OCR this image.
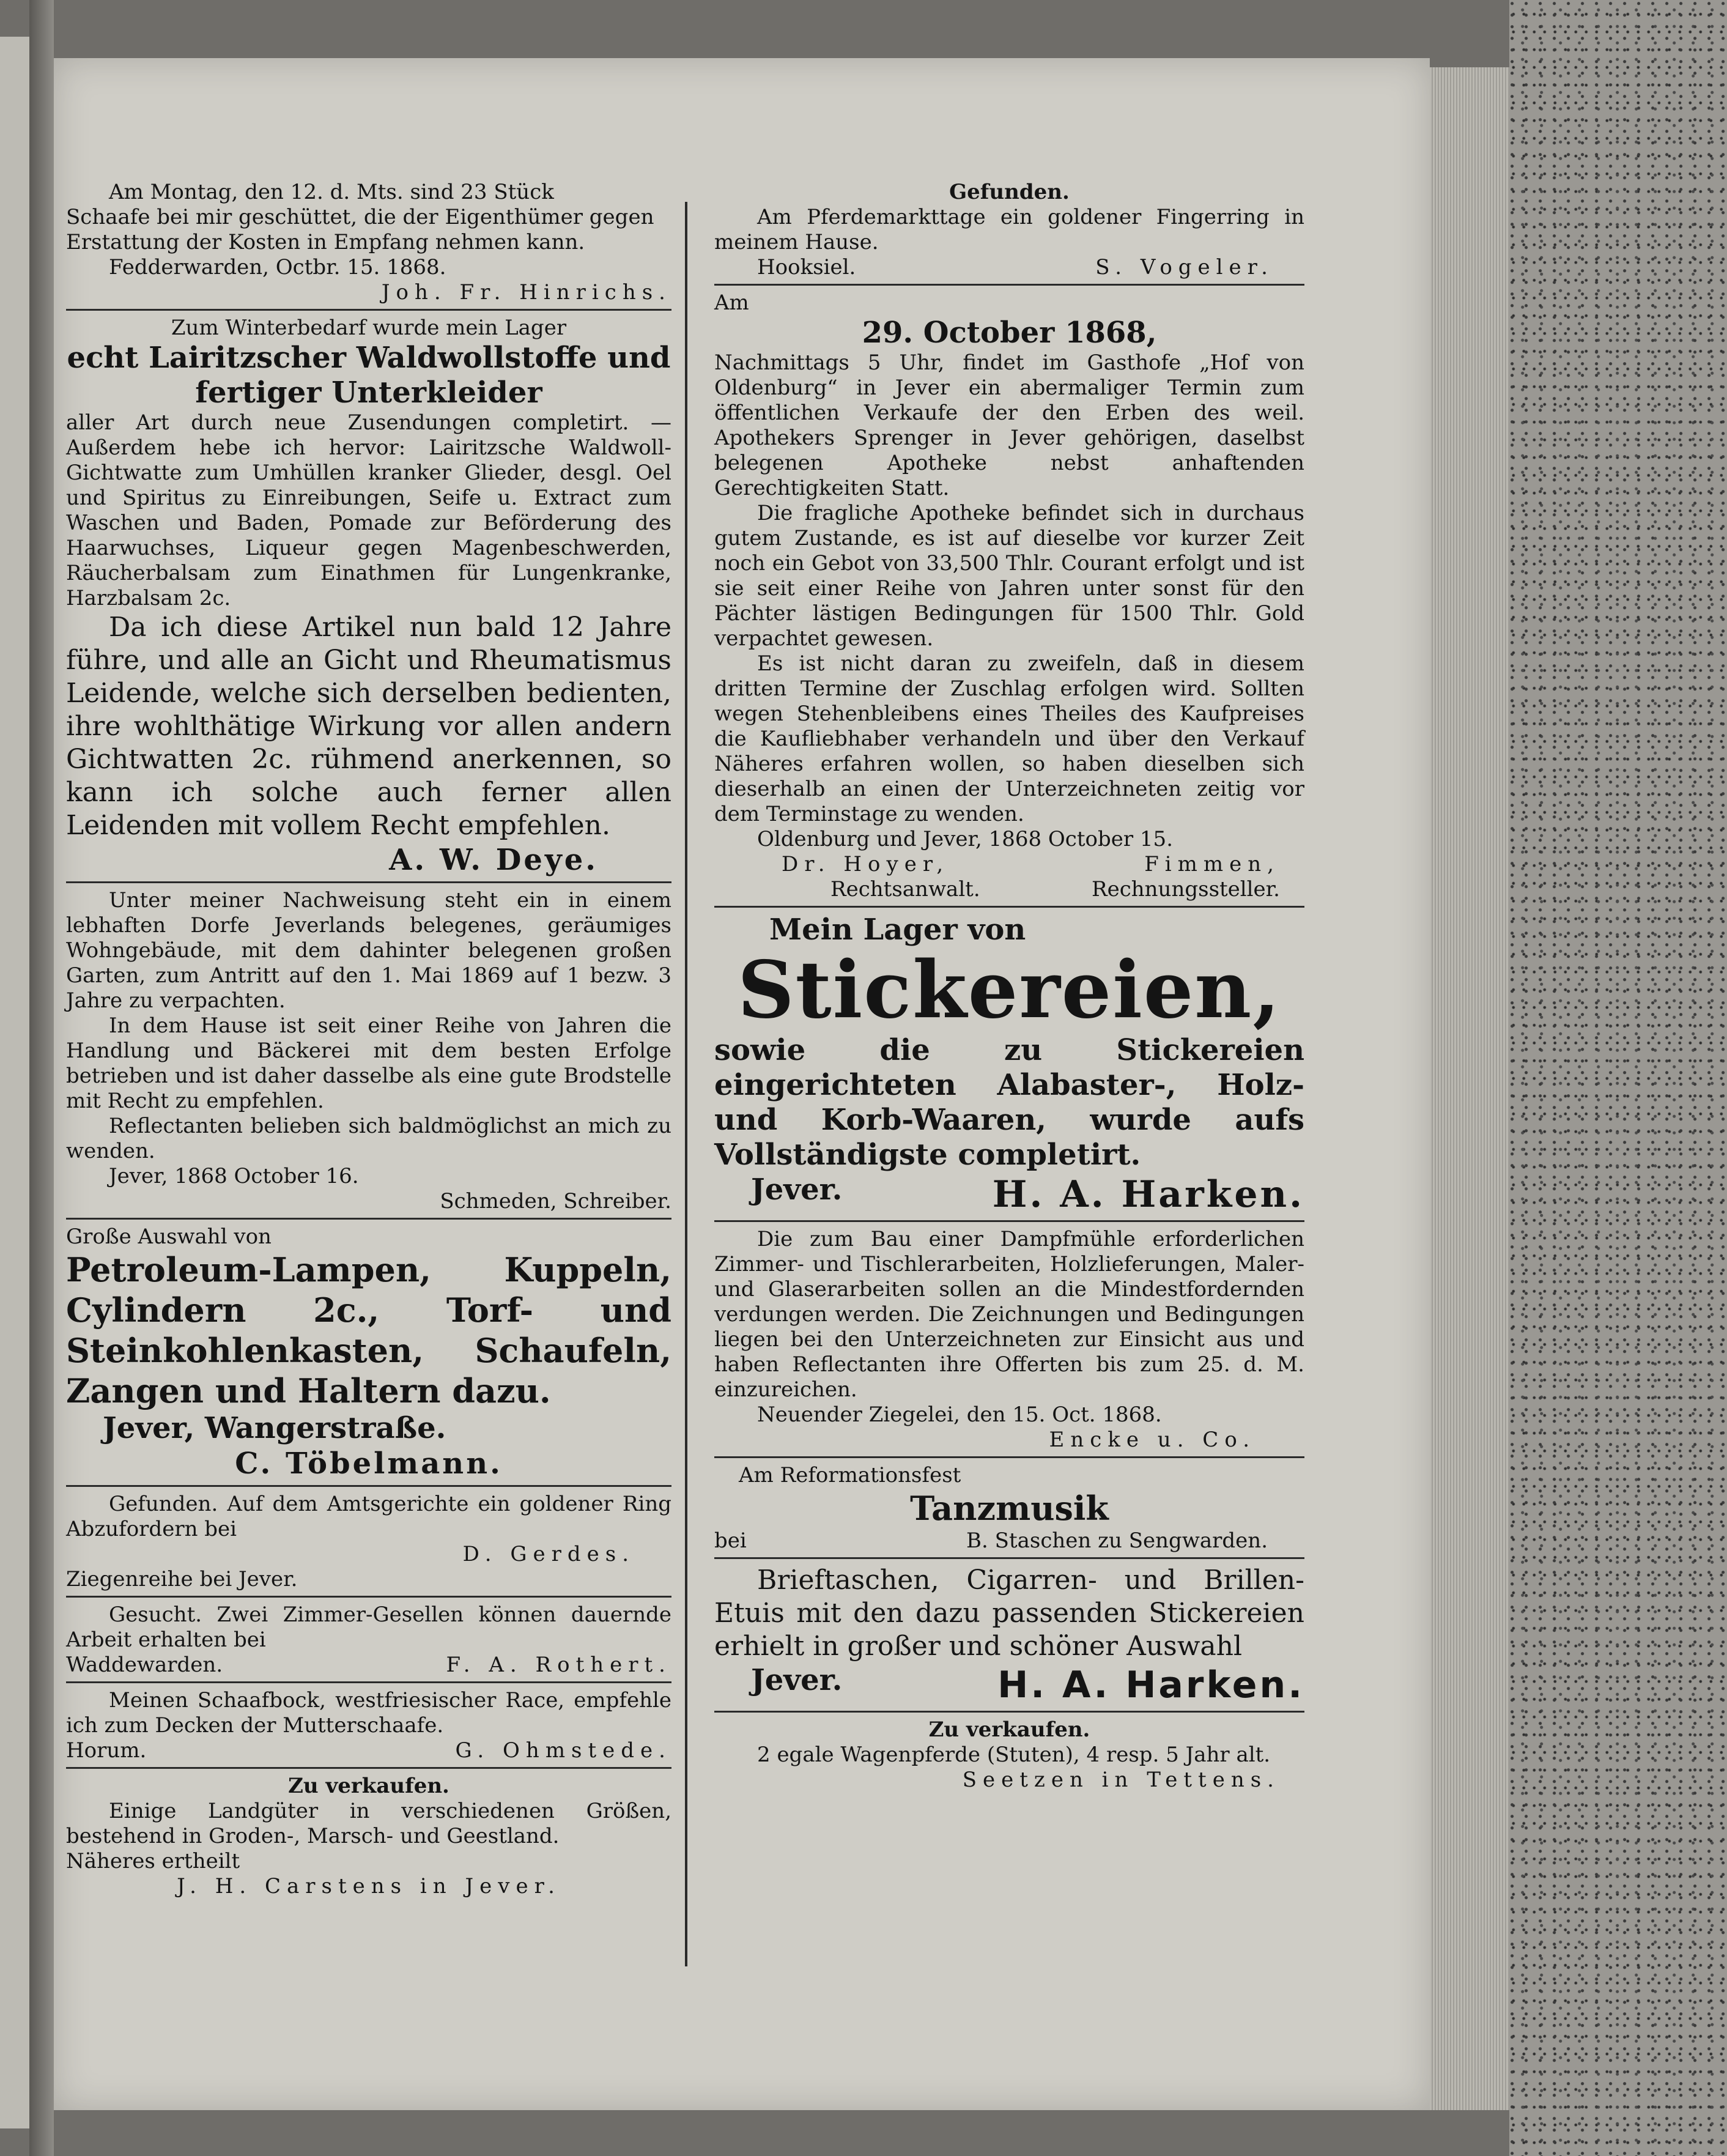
Am Montag, den 12. d. Mts. sind 23 Stück

Schaafe bei mir geschüttet, die der Eigenthümer gegen

Erstattung der Kosten in Empfang nehmen kann.

Fedderwarden, Octbr. 15. 1868.

Joh. Fr. Hinrichs.

Zum Winterbedarf wurde mein Lager

echt Lairitzscher Waldwollstoffe und fertiger Unterkleider

aller Art durch neue Zusendungen completirt. — Außerdem hebe ich hervor: Lairitzsche Waldwoll-Gichtwatte zum Umhüllen kranker Glieder, desgl. Oel und Spiritus zu Einreibungen, Seife u. Extract zum Waschen und Baden, Pomade zur Beförderung des Haarwuchses, Liqueur gegen Magenbeschwerden, Räucherbalsam zum Einathmen für Lungenkranke, Harzbalsam 2c.

Da ich diese Artikel nun bald 12 Jahre führe, und alle an Gicht und Rheumatismus Leidende, welche sich derselben bedienten, ihre wohlthätige Wirkung vor allen andern Gichtwatten 2c. rühmend anerkennen, so kann ich solche auch ferner allen Leidenden mit vollem Recht empfehlen.

A. W. Deye.

Unter meiner Nachweisung steht ein in einem lebhaften Dorfe Jeverlands belegenes, geräumiges Wohngebäude, mit dem dahinter belegenen großen Garten, zum Antritt auf den 1. Mai 1869 auf 1 bezw. 3 Jahre zu verpachten.

In dem Hause ist seit einer Reihe von Jahren die Handlung und Bäckerei mit dem besten Erfolge betrieben und ist daher dasselbe als eine gute Brodstelle mit Recht zu empfehlen.

Reflectanten belieben sich baldmöglichst an mich zu wenden.

Jever, 1868 October 16.

Schmeden, Schreiber.

Große Auswahl von

Petroleum-Lampen, Kuppeln, Cylindern 2c., Torf- und Steinkohlenkasten, Schaufeln, Zangen und Haltern dazu.

Jever, Wangerstraße.

C. Töbelmann.

Gefunden. Auf dem Amtsgerichte ein goldener Ring Abzufordern bei

D. Gerdes.

Ziegenreihe bei Jever.

Gesucht. Zwei Zimmer-Gesellen können dauernde Arbeit erhalten bei

Waddewarden.	F. A. Rothert.

Meinen Schaafbock, westfriesischer Race, empfehle ich zum Decken der Mutterschaafe.

Horum.	G. Ohmstede.

Zu verkaufen.

Einige Landgüter in verschiedenen Größen, bestehend in Groden-, Marsch- und Geestland.

Näheres ertheilt

J. H. Carstens in Jever.

Gefunden.

Am Pferdemarkttage ein goldener Fingerring in meinem Hause.

Hooksiel.	S. Vogeler.

Am

29. October 1868,

Nachmittags 5 Uhr, findet im Gasthofe „Hof von Oldenburg“ in Jever ein abermaliger Termin zum öffentlichen Verkaufe der den Erben des weil. Apothekers Sprenger in Jever gehörigen, daselbst belegenen Apotheke nebst anhaftenden Gerechtigkeiten Statt.

Die fragliche Apotheke befindet sich in durchaus gutem Zustande, es ist auf dieselbe vor kurzer Zeit noch ein Gebot von 33,500 Thlr. Courant erfolgt und ist sie seit einer Reihe von Jahren unter sonst für den Pächter lästigen Bedingungen für 1500 Thlr. Gold verpachtet gewesen.

Es ist nicht daran zu zweifeln, daß in diesem dritten Termine der Zuschlag erfolgen wird. Sollten wegen Stehenbleibens eines Theiles des Kaufpreises die Kaufliebhaber verhandeln und über den Verkauf Näheres erfahren wollen, so haben dieselben sich dieserhalb an einen der Unterzeichneten zeitig vor dem Terminstage zu wenden.

Oldenburg und Jever, 1868 October 15.

Dr. Hoyer,	Fimmen,
Rechtsanwalt.	Rechnungssteller.

Mein Lager von

Stickereien,

sowie die zu Stickereien eingerichteten Alabaster-, Holz- und Korb-Waaren, wurde aufs Vollständigste completirt.

Jever.	H. A. Harken.

Die zum Bau einer Dampfmühle erforderlichen Zimmer- und Tischlerarbeiten, Holzlieferungen, Maler- und Glaserarbeiten sollen an die Mindestfordernden verdungen werden. Die Zeichnungen und Bedingungen liegen bei den Unterzeichneten zur Einsicht aus und haben Reflectanten ihre Offerten bis zum 25. d. M. einzureichen.

Neuender Ziegelei, den 15. Oct. 1868.

Encke u. Co.

Am Reformationsfest

Tanzmusik

bei	B. Staschen zu Sengwarden.

Brieftaschen, Cigarren- und Brillen-Etuis mit den dazu passenden Stickereien erhielt in großer und schöner Auswahl

Jever.	H. A. Harken.

Zu verkaufen.

2 egale Wagenpferde (Stuten), 4 resp. 5 Jahr alt.

Seetzen in Tettens.
